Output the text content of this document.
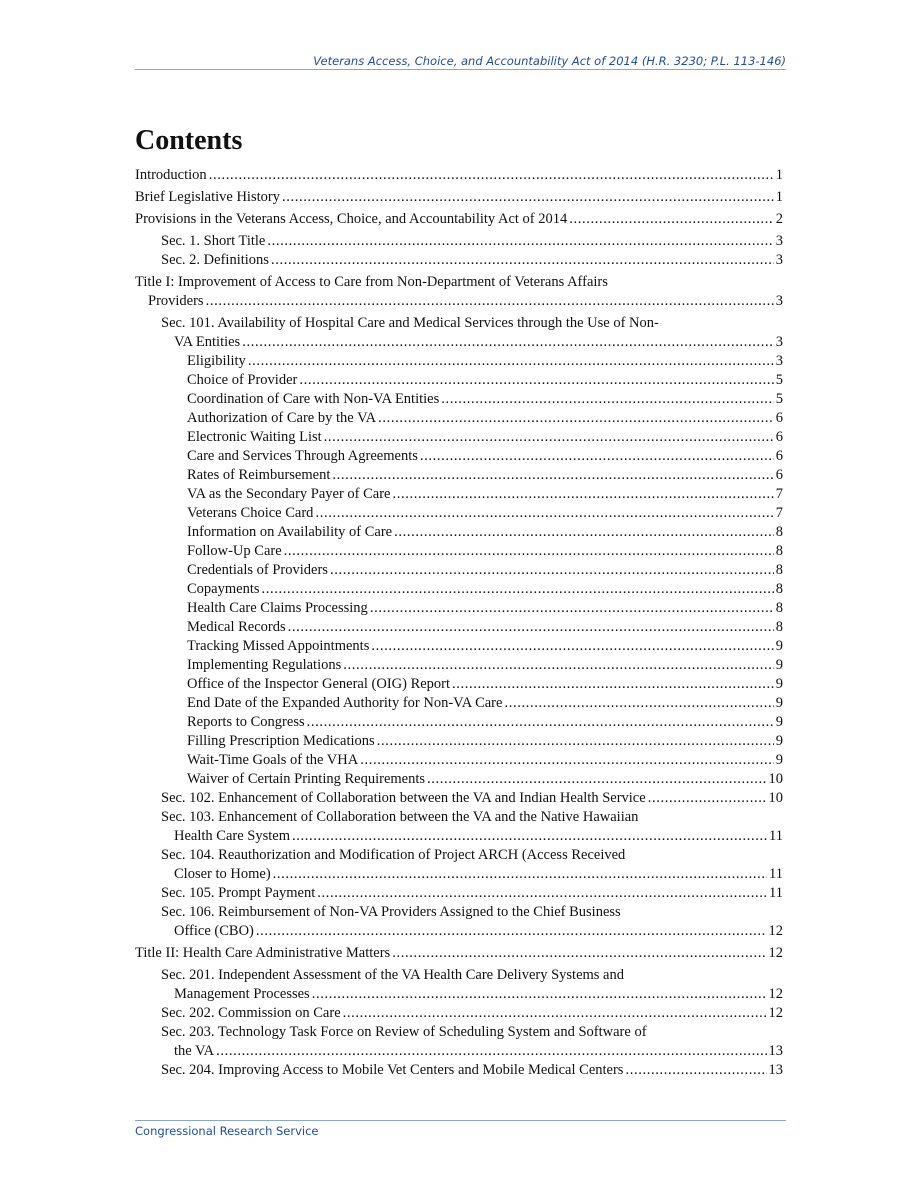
Veterans Access, Choice, and Accountability Act of 2014 (H.R. 3230; P.L. 113-146)
Contents
Introduction . . .	1
Brief Legislative History . . .	1
Provisions in the Veterans Access, Choice, and Accountability Act of 2014 . . .	2
Sec. 1. Short Title . . .	3
Sec. 2. Definitions . . .	3
Title I: Improvement of Access to Care from Non-Department of Veterans Affairs
Providers . . .	3
Sec. 101. Availability of Hospital Care and Medical Services through the Use of Non-
VA Entities . . .	3
Eligibility . . .	3
Choice of Provider . . .	5
Coordination of Care with Non-VA Entities . . .	5
Authorization of Care by the VA . . .	6
Electronic Waiting List . . .	6
Care and Services Through Agreements . . .	6
Rates of Reimbursement . . .	6
VA as the Secondary Payer of Care . . .	7
Veterans Choice Card . . .	7
Information on Availability of Care . . .	8
Follow-Up Care . . .	8
Credentials of Providers . . .	8
Copayments . . .	8
Health Care Claims Processing . . .	8
Medical Records . . .	8
Tracking Missed Appointments . . .	9
Implementing Regulations . . .	9
Office of the Inspector General (OIG) Report . . .	9
End Date of the Expanded Authority for Non-VA Care . . .	9
Reports to Congress . . .	9
Filling Prescription Medications . . .	9
Wait-Time Goals of the VHA . . .	9
Waiver of Certain Printing Requirements . . .	10
Sec. 102. Enhancement of Collaboration between the VA and Indian Health Service . . .	10
Sec. 103. Enhancement of Collaboration between the VA and the Native Hawaiian
Health Care System . . .	11
Sec. 104. Reauthorization and Modification of Project ARCH (Access Received
Closer to Home) . . .	11
Sec. 105. Prompt Payment . . .	11
Sec. 106. Reimbursement of Non-VA Providers Assigned to the Chief Business
Office (CBO) . . .	12
Title II: Health Care Administrative Matters . . .	12
Sec. 201. Independent Assessment of the VA Health Care Delivery Systems and
Management Processes . . .	12
Sec. 202. Commission on Care . . .	12
Sec. 203. Technology Task Force on Review of Scheduling System and Software of
the VA . . .	13
Sec. 204. Improving Access to Mobile Vet Centers and Mobile Medical Centers . . .	13
Congressional Research Service
